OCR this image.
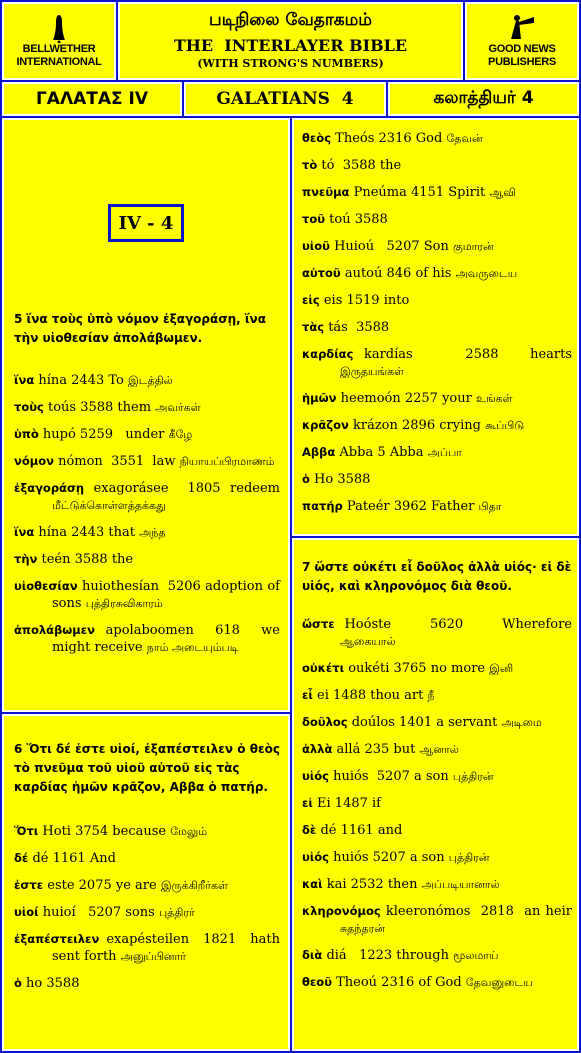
BELLWETHER
INTERNATIONAL
படிநிலை வேதாகமம்
THE  INTERLAYER BIBLE
(WITH STRONG'S NUMBERS)
GOOD NEWS
PUBLISHERS
ΓΑΛΑΤΑΣ IV	GALATIANS  4	கலாத்தியர் 4
IV - 4
5 ἵνα τοὺς ὑπὸ νόμον ἐξαγοράσῃ, ἵνα τὴν υἱοθεσίαν ἀπολάβωμεν.
ἵνα hína 2443 To இடத்தில்
τοὺς toús 3588 them அவர்கள்
ὑπὸ hupó 5259   under கீழே
νόμον nómon  3551  law நியாயப்பிரமாணம்
ἐξαγοράσῃ exagorásee  1805 redeem மீட்டுக்கொள்ளத்தக்கது
ἵνα hína 2443 that அந்த
τὴν teén 3588 the
υἱοθεσίαν huiothesían  5206 adoption of sons புத்திரசுவிகாரம்
ἀπολάβωμεν apolaboomen  618  we might receive நாம் அடையும்படி
6 Ὅτι δέ ἐστε υἱοί, ἐξαπέστειλεν ὁ θεὸς τὸ πνεῦμα τοῦ υἱοῦ αὐτοῦ εἰς τὰς καρδίας ἡμῶν κρᾶζον, Αββα ὁ πατήρ.
Ὅτι Hoti 3754 because மேலும்
δέ dé 1161 And
ἐστε este 2075 ye are இருக்கிறீர்கள்
υἱοί huioí   5207 sons புத்திரர்
ἐξαπέστειλεν exapésteilen  1821  hath sent forth அனுப்பினார்
ὁ ho 3588
θεὸς Theós 2316 God தேவன்
τὸ tó  3588 the
πνεῦμα Pneúma 4151 Spirit ஆவி
τοῦ toú 3588
υἱοῦ Huioú   5207 Son குமாரன்
αὐτοῦ autoú 846 of his அவருடைய
εἰς eis 1519 into
τὰς tás  3588
καρδίας kardías     2588   hearts இருதயங்கள்
ἡμῶν heemoón 2257 your உங்கள்
κρᾶζον krázon 2896 crying கூப்பிடு
Αββα Abba 5 Abba அப்பா
ὁ Ho 3588
πατήρ Pateér 3962 Father பிதா
7 ὥστε οὐκέτι εἶ δοῦλος ἀλλὰ υἱός· εἰ δὲ υἱός, καὶ κληρονόμος διὰ θεοῦ.
ὥστε Hoóste    5620    Wherefore ஆகையால்
οὐκέτι oukéti 3765 no more இனி
εἶ ei 1488 thou art நீ
δοῦλος doúlos 1401 a servant அடிமை
ἀλλὰ allá 235 but ஆனால்
υἱός huiós  5207 a son புத்திரன்
εἰ Ei 1487 if
δὲ dé 1161 and
υἱός huiós 5207 a son புத்திரன்
καὶ kai 2532 then அப்படியானால்
κληρονόμος kleeronómos  2818  an heir சுதந்தரன்
διὰ diá   1223 through மூலமாய்
θεοῦ Theoú 2316 of God தேவனுடைய
